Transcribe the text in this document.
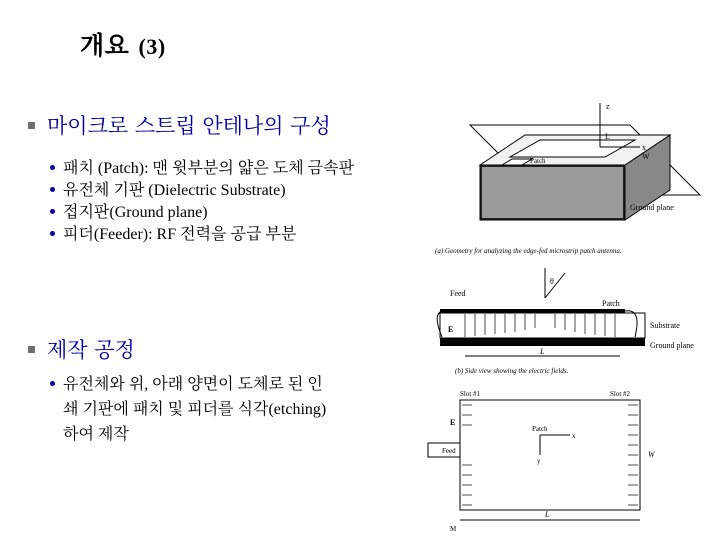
개요 (3)
마이크로 스트립 안테나의 구성
패치 (Patch): 맨 윗부분의 얇은 도체 금속판
유전체 기판 (Dielectric Substrate)
접지판(Ground plane)
피더(Feeder): RF 전력을 공급 부분
제작 공정
유전체와 위, 아래 양면이 도체로 된 인
쇄 기판에 패치 및 피더를 식각(etching)
하여 제작
z
x
L
W
Patch
Ground plane
(a) Geometry for analyzing the edge-fed microstrip patch antenna.
θ
Feed
Patch
E	Substrate
Ground plane
L
(b) Side view showing the electric fields.
Slot #1	Slot #2
Patch
x
y
E
Feed	W
L
M
